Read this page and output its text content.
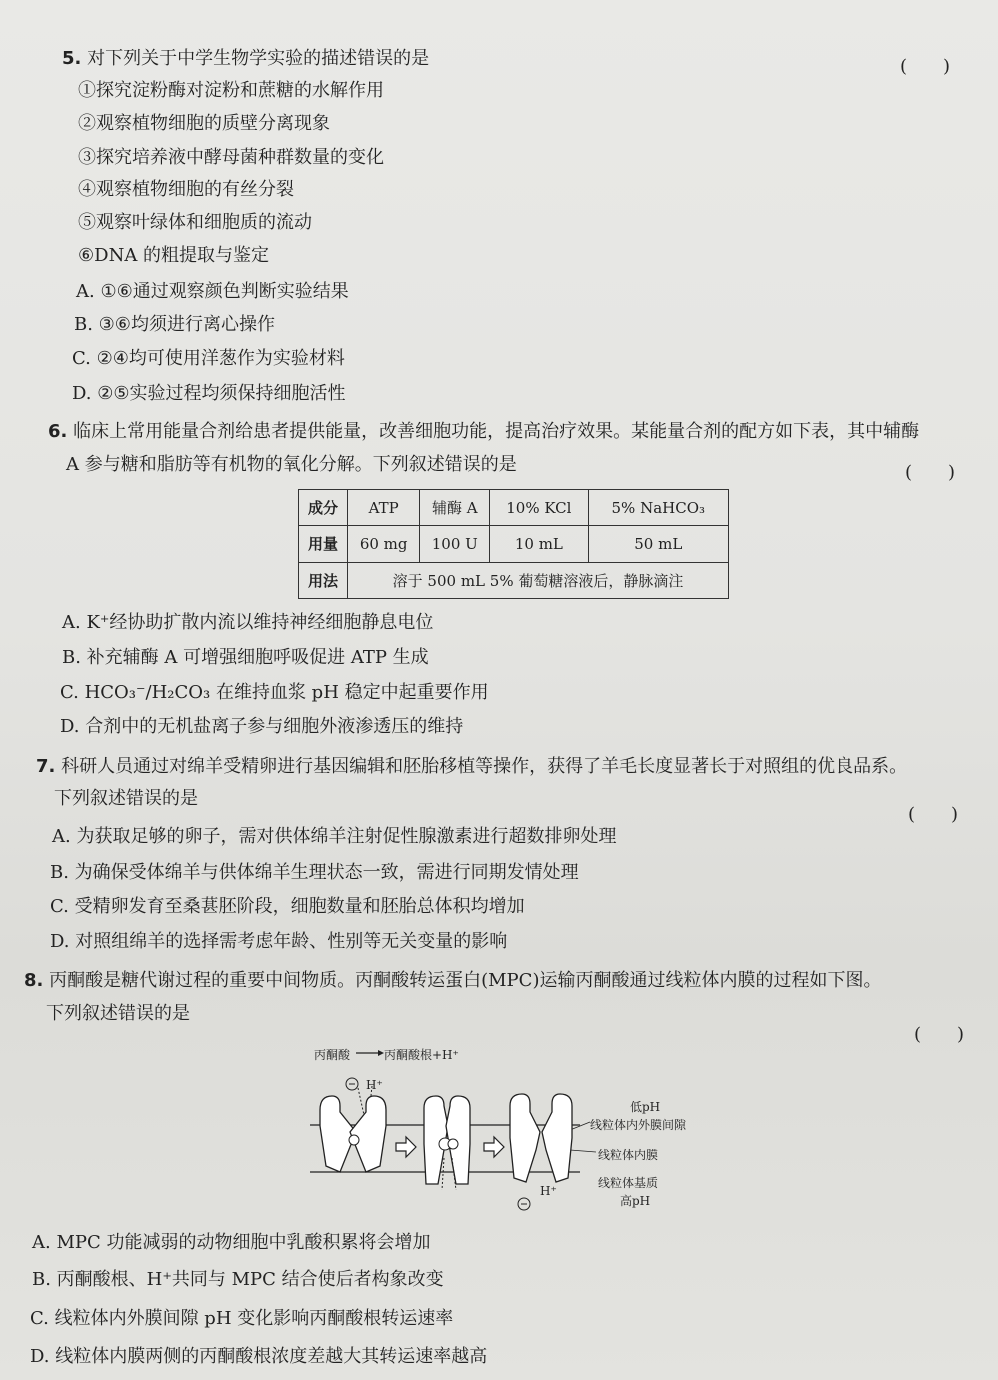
5. 对下列关于中学生物学实验的描述错误的是	(　　)
①探究淀粉酶对淀粉和蔗糖的水解作用
②观察植物细胞的质壁分离现象
③探究培养液中酵母菌种群数量的变化
④观察植物细胞的有丝分裂
⑤观察叶绿体和细胞质的流动
⑥DNA 的粗提取与鉴定
A. ①⑥通过观察颜色判断实验结果
B. ③⑥均须进行离心操作
C. ②④均可使用洋葱作为实验材料
D. ②⑤实验过程均须保持细胞活性
6. 临床上常用能量合剂给患者提供能量，改善细胞功能，提高治疗效果。某能量合剂的配方如下表，其中辅酶
A 参与糖和脂肪等有机物的氧化分解。下列叙述错误的是	(　　)
成分	ATP	辅酶 A	10% KCl	5% NaHCO₃
用量	60 mg	100 U	10 mL	50 mL
用法	溶于 500 mL 5% 葡萄糖溶液后，静脉滴注			
A. K⁺经协助扩散内流以维持神经细胞静息电位
B. 补充辅酶 A 可增强细胞呼吸促进 ATP 生成
C. HCO₃⁻/H₂CO₃ 在维持血浆 pH 稳定中起重要作用
D. 合剂中的无机盐离子参与细胞外液渗透压的维持
7. 科研人员通过对绵羊受精卵进行基因编辑和胚胎移植等操作，获得了羊毛长度显著长于对照组的优良品系。
下列叙述错误的是
(　　)
A. 为获取足够的卵子，需对供体绵羊注射促性腺激素进行超数排卵处理
B. 为确保受体绵羊与供体绵羊生理状态一致，需进行同期发情处理
C. 受精卵发育至桑葚胚阶段，细胞数量和胚胎总体积均增加
D. 对照组绵羊的选择需考虑年龄、性别等无关变量的影响
8. 丙酮酸是糖代谢过程的重要中间物质。丙酮酸转运蛋白(MPC)运输丙酮酸通过线粒体内膜的过程如下图。
下列叙述错误的是
(　　)
丙酮酸	丙酮酸根+H⁺
H⁺
低pH
线粒体内外膜间隙
线粒体内膜
线粒体基质
高pH
H⁺
A. MPC 功能减弱的动物细胞中乳酸积累将会增加
B. 丙酮酸根、H⁺共同与 MPC 结合使后者构象改变
C. 线粒体内外膜间隙 pH 变化影响丙酮酸根转运速率
D. 线粒体内膜两侧的丙酮酸根浓度差越大其转运速率越高
